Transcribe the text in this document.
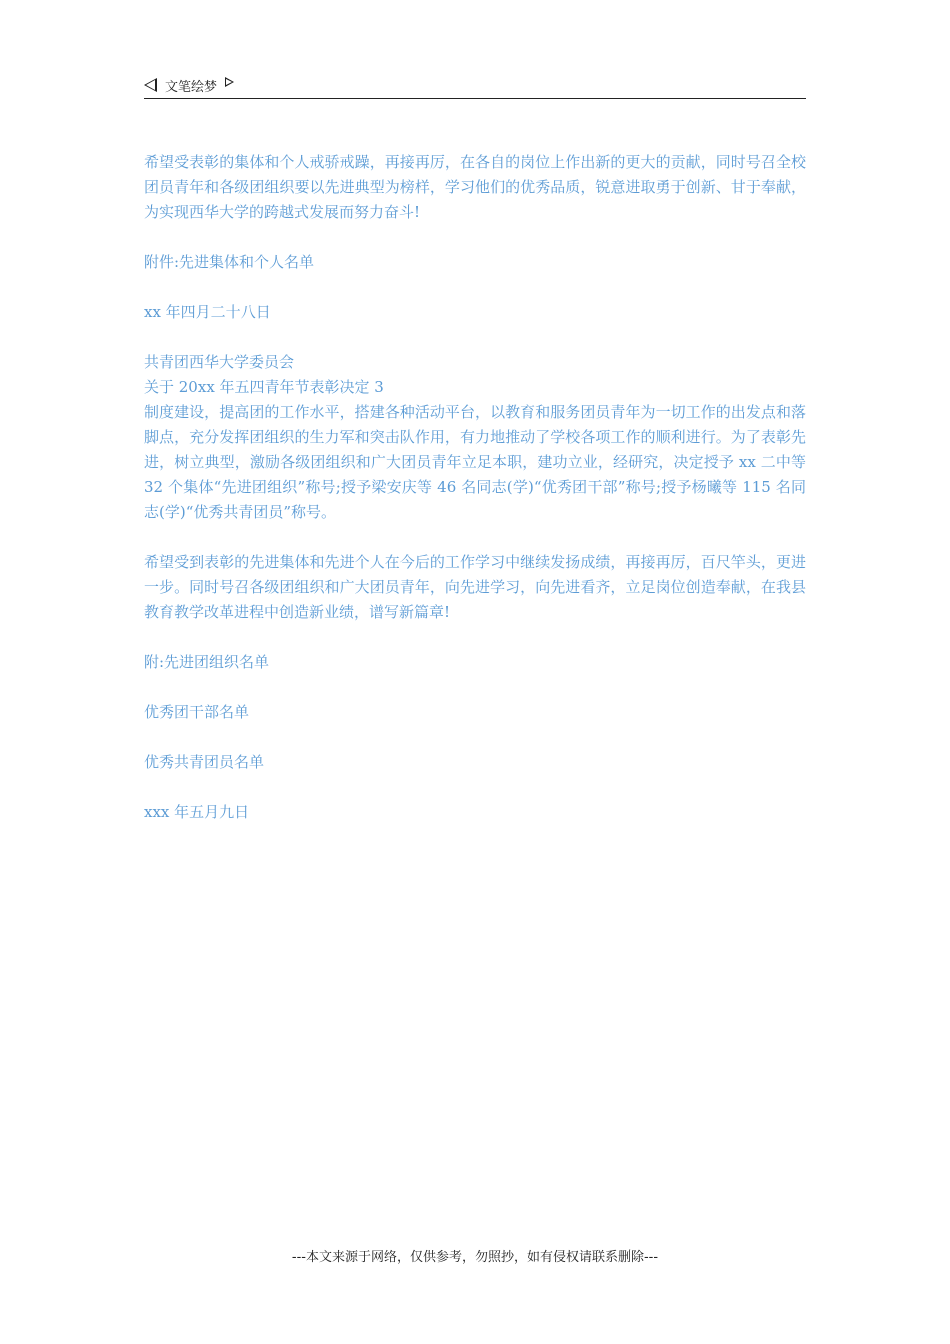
文笔绘梦

希望受表彰的集体和个人戒骄戒躁，再接再厉，在各自的岗位上作出新的更大的贡献，同时号召全校团员青年和各级团组织要以先进典型为榜样，学习他们的优秀品质，锐意进取勇于创新、甘于奉献，为实现西华大学的跨越式发展而努力奋斗!

附件:先进集体和个人名单

xx 年四月二十八日

共青团西华大学委员会

关于 20xx 年五四青年节表彰决定 3

制度建设，提高团的工作水平，搭建各种活动平台，以教育和服务团员青年为一切工作的出发点和落脚点，充分发挥团组织的生力军和突击队作用，有力地推动了学校各项工作的顺利进行。为了表彰先进，树立典型，激励各级团组织和广大团员青年立足本职，建功立业，经研究，决定授予 xx 二中等 32 个集体“先进团组织”称号;授予梁安庆等 46 名同志(学)“优秀团干部”称号;授予杨曦等 115 名同志(学)“优秀共青团员”称号。

希望受到表彰的先进集体和先进个人在今后的工作学习中继续发扬成绩，再接再厉，百尺竿头，更进一步。同时号召各级团组织和广大团员青年，向先进学习，向先进看齐，立足岗位创造奉献，在我县教育教学改革进程中创造新业绩，谱写新篇章!

附:先进团组织名单

优秀团干部名单

优秀共青团员名单

xxx 年五月九日

---本文来源于网络，仅供参考，勿照抄，如有侵权请联系删除---
